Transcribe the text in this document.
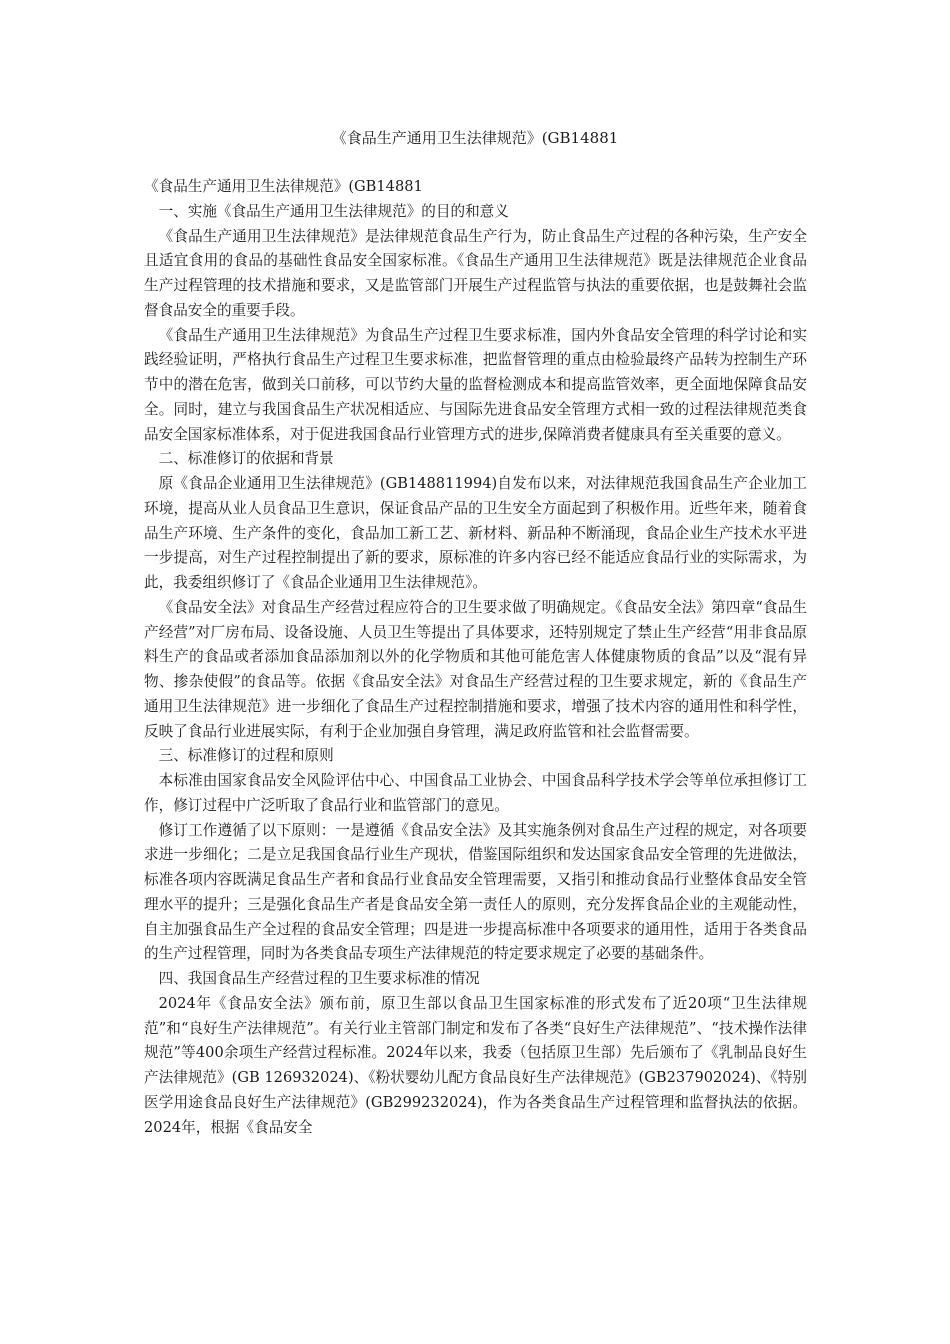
《食品生产通用卫生法律规范》(GB14881

《食品生产通用卫生法律规范》(GB14881

一、实施《食品生产通用卫生法律规范》的目的和意义

《食品生产通用卫生法律规范》是法律规范食品生产行为，防止食品生产过程的各种污染，生产安全且适宜食用的食品的基础性食品安全国家标准。《食品生产通用卫生法律规范》既是法律规范企业食品生产过程管理的技术措施和要求，又是监管部门开展生产过程监管与执法的重要依据，也是鼓舞社会监督食品安全的重要手段。

《食品生产通用卫生法律规范》为食品生产过程卫生要求标准，国内外食品安全管理的科学讨论和实践经验证明，严格执行食品生产过程卫生要求标准，把监督管理的重点由检验最终产品转为控制生产环节中的潜在危害，做到关口前移，可以节约大量的监督检测成本和提高监管效率，更全面地保障食品安全。同时，建立与我国食品生产状况相适应、与国际先进食品安全管理方式相一致的过程法律规范类食品安全国家标准体系，对于促进我国食品行业管理方式的进步,保障消费者健康具有至关重要的意义。

二、标准修订的依据和背景

原《食品企业通用卫生法律规范》(GB148811994)自发布以来，对法律规范我国食品生产企业加工环境，提高从业人员食品卫生意识，保证食品产品的卫生安全方面起到了积极作用。近些年来，随着食品生产环境、生产条件的变化，食品加工新工艺、新材料、新品种不断涌现，食品企业生产技术水平进一步提高，对生产过程控制提出了新的要求，原标准的许多内容已经不能适应食品行业的实际需求，为此，我委组织修订了《食品企业通用卫生法律规范》。

《食品安全法》对食品生产经营过程应符合的卫生要求做了明确规定。《食品安全法》第四章“食品生产经营”对厂房布局、设备设施、人员卫生等提出了具体要求，还特别规定了禁止生产经营“用非食品原料生产的食品或者添加食品添加剂以外的化学物质和其他可能危害人体健康物质的食品”以及“混有异物、掺杂使假”的食品等。依据《食品安全法》对食品生产经营过程的卫生要求规定，新的《食品生产通用卫生法律规范》进一步细化了食品生产过程控制措施和要求，增强了技术内容的通用性和科学性，反映了食品行业进展实际，有利于企业加强自身管理，满足政府监管和社会监督需要。

三、标准修订的过程和原则

本标准由国家食品安全风险评估中心、中国食品工业协会、中国食品科学技术学会等单位承担修订工作，修订过程中广泛听取了食品行业和监管部门的意见。

修订工作遵循了以下原则：一是遵循《食品安全法》及其实施条例对食品生产过程的规定，对各项要求进一步细化；二是立足我国食品行业生产现状，借鉴国际组织和发达国家食品安全管理的先进做法，标准各项内容既满足食品生产者和食品行业食品安全管理需要，又指引和推动食品行业整体食品安全管理水平的提升；三是强化食品生产者是食品安全第一责任人的原则，充分发挥食品企业的主观能动性，自主加强食品生产全过程的食品安全管理；四是进一步提高标准中各项要求的通用性，适用于各类食品的生产过程管理，同时为各类食品专项生产法律规范的特定要求规定了必要的基础条件。

四、我国食品生产经营过程的卫生要求标准的情况

2024年《食品安全法》颁布前，原卫生部以食品卫生国家标准的形式发布了近20项“卫生法律规范”和“良好生产法律规范”。有关行业主管部门制定和发布了各类“良好生产法律规范”、“技术操作法律规范”等400余项生产经营过程标准。2024年以来，我委（包括原卫生部）先后颁布了《乳制品良好生产法律规范》(GB 126932024)、《粉状婴幼儿配方食品良好生产法律规范》(GB237902024)、《特别医学用途食品良好生产法律规范》(GB299232024)，作为各类食品生产过程管理和监督执法的依据。2024年，根据《食品安全
